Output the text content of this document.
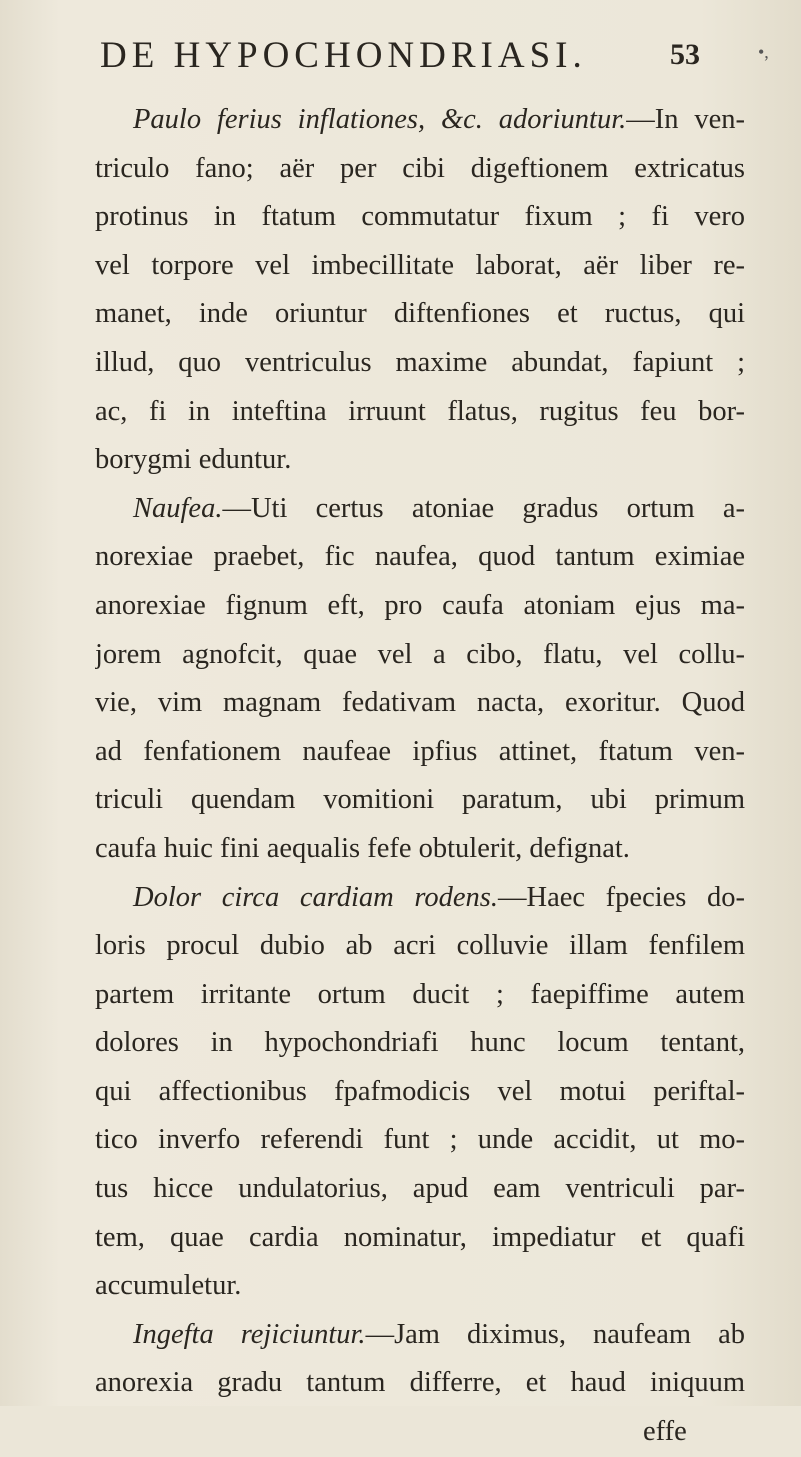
DE HYPOCHONDRIASI.	53	•,
Paulo ferius inflationes, &c. adoriuntur.—In ven-
triculo fano; aër per cibi digeftionem extricatus
protinus in ftatum commutatur fixum ; fi vero
vel torpore vel imbecillitate laborat, aër liber re-
manet, inde oriuntur diftenfiones et ructus, qui
illud, quo ventriculus maxime abundat, fapiunt ;
ac, fi in inteftina irruunt flatus, rugitus feu bor-
borygmi eduntur.
Naufea.—Uti certus atoniae gradus ortum a-
norexiae praebet, fic naufea, quod tantum eximiae
anorexiae fignum eft, pro caufa atoniam ejus ma-
jorem agnofcit, quae vel a cibo, flatu, vel collu-
vie, vim magnam fedativam nacta, exoritur. Quod
ad fenfationem naufeae ipfius attinet, ftatum ven-
triculi quendam vomitioni paratum, ubi primum
caufa huic fini aequalis fefe obtulerit, defignat.
Dolor circa cardiam rodens.—Haec fpecies do-
loris procul dubio ab acri colluvie illam fenfilem
partem irritante ortum ducit ; faepiffime autem
dolores in hypochondriafi hunc locum tentant,
qui affectionibus fpafmodicis vel motui periftal-
tico inverfo referendi funt ; unde accidit, ut mo-
tus hicce undulatorius, apud eam ventriculi par-
tem, quae cardia nominatur, impediatur et quafi
accumuletur.
Ingefta rejiciuntur.—Jam diximus, naufeam ab
anorexia gradu tantum differre, et haud iniquum
effe
